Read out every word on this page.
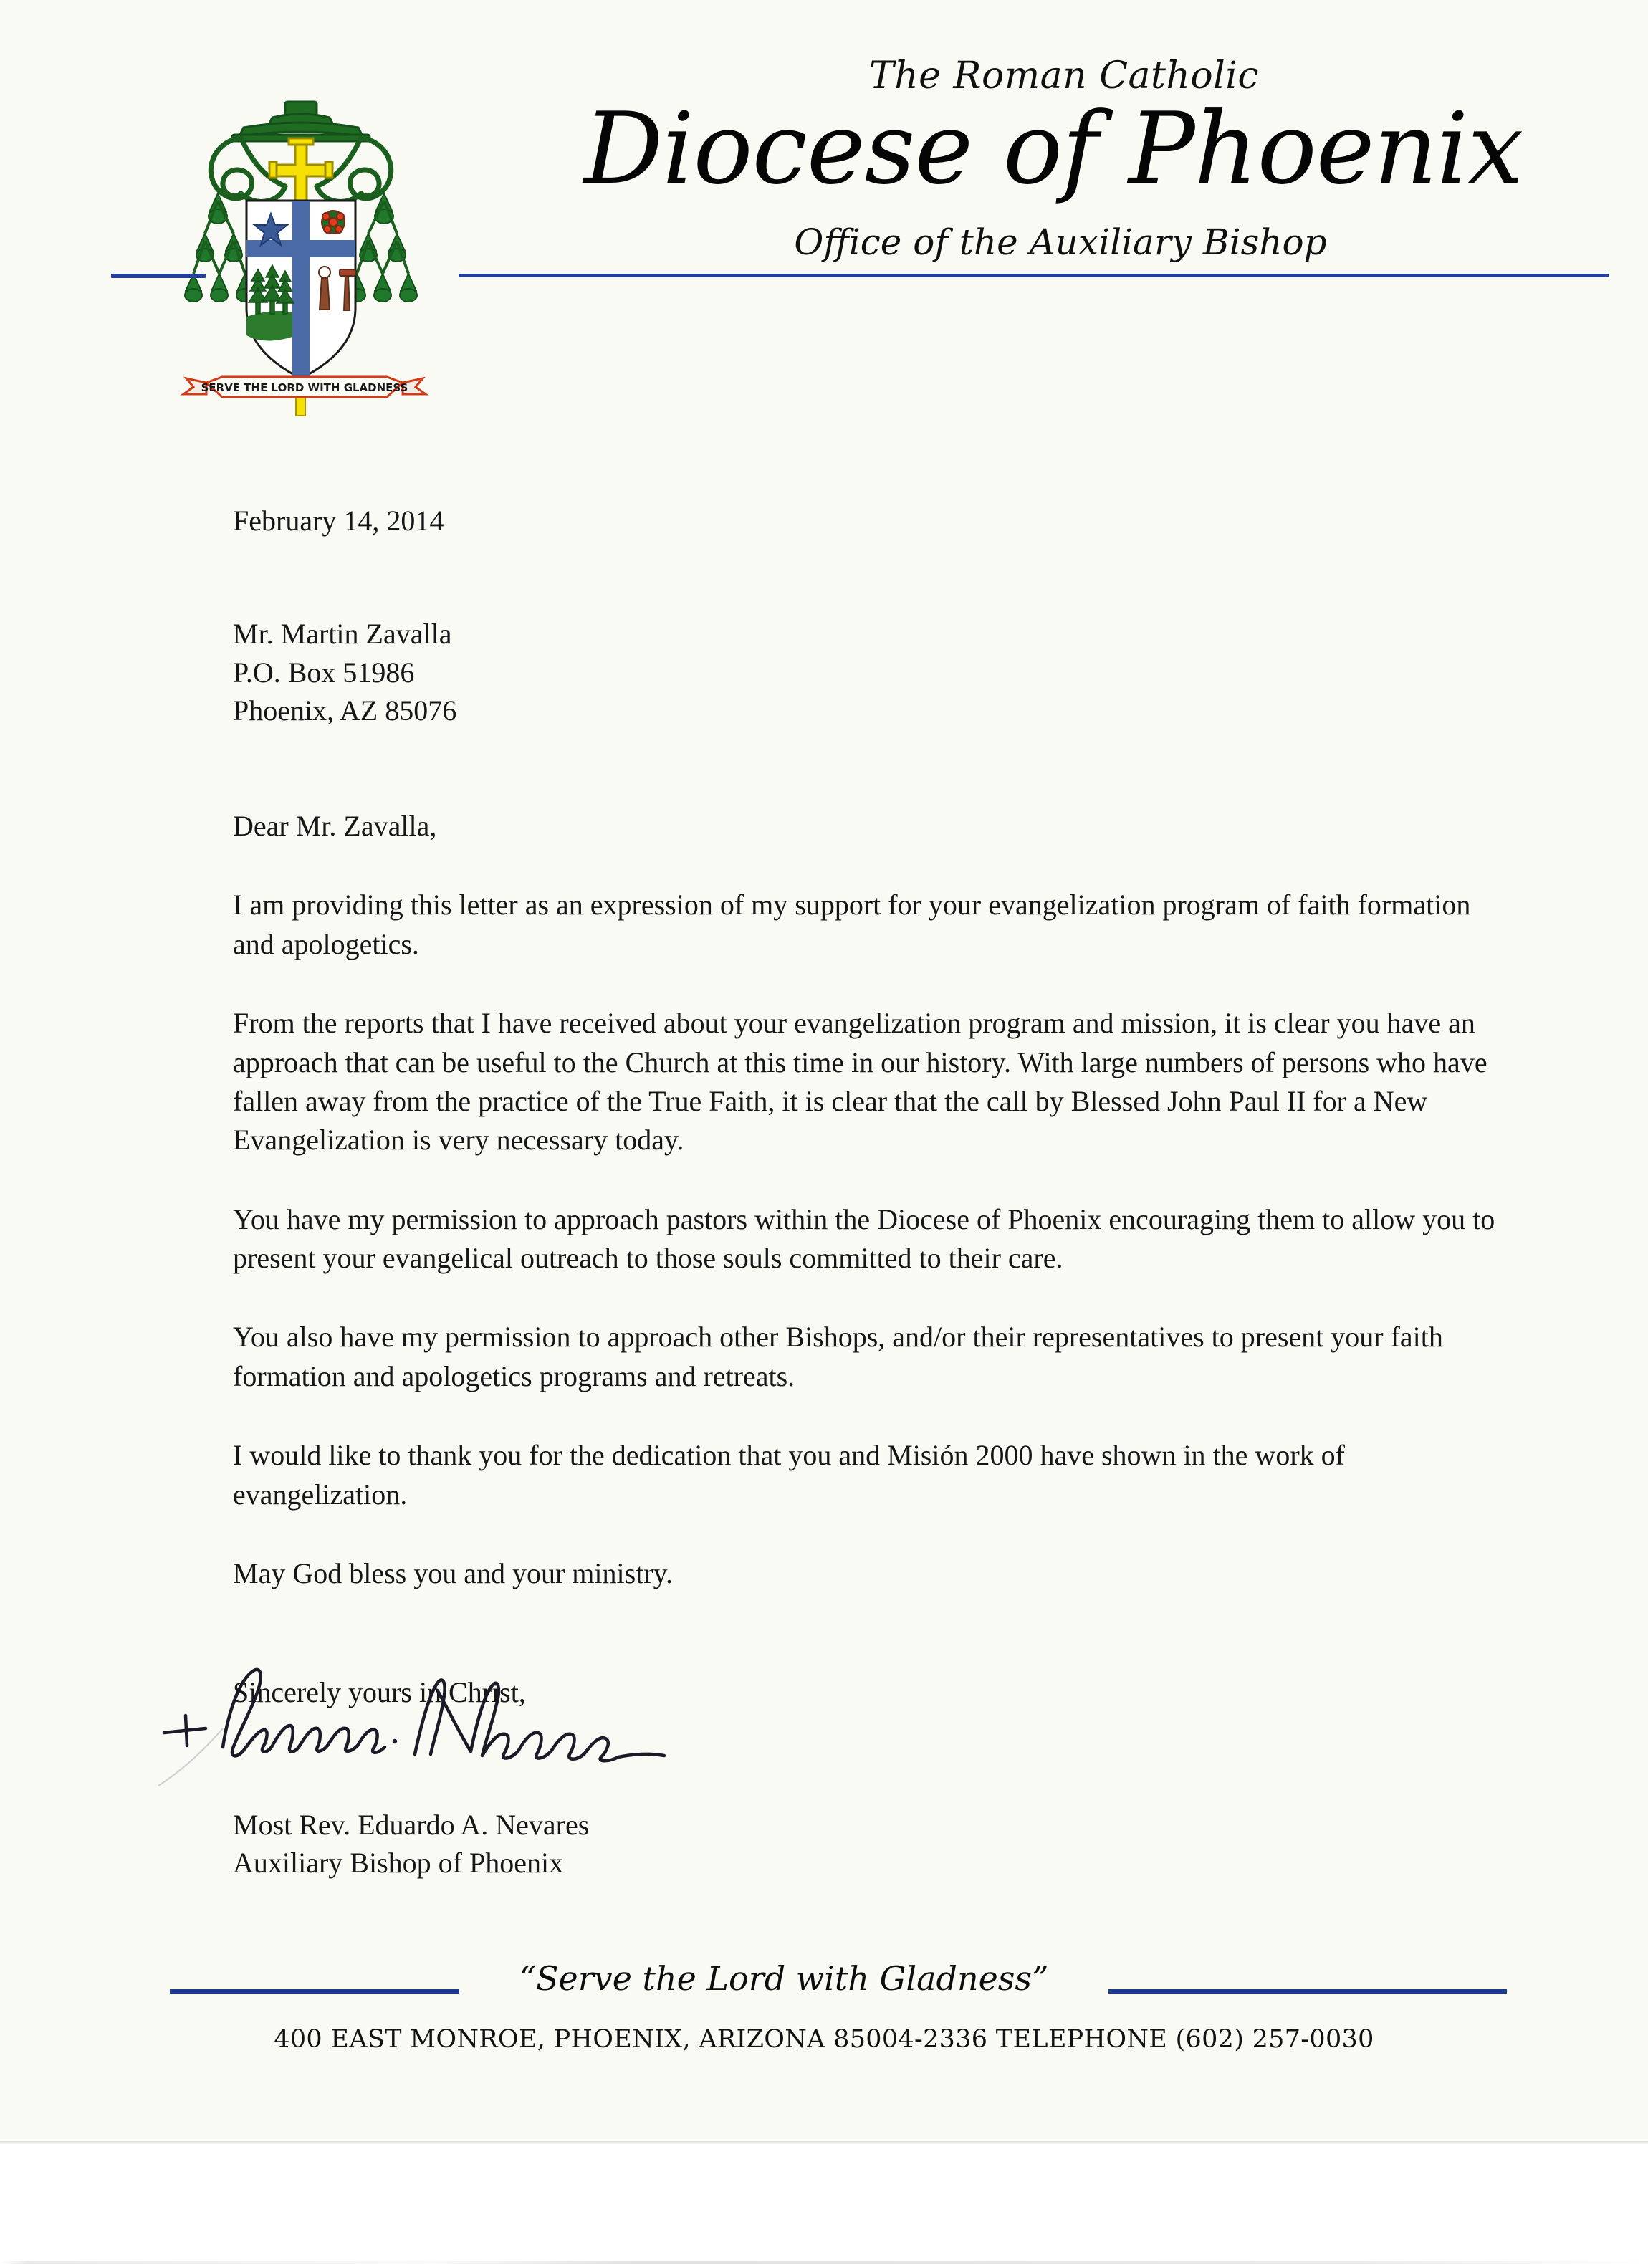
SERVE THE LORD WITH GLADNESS
The Roman Catholic
Diocese of Phoenix
Office of the Auxiliary Bishop
February 14, 2014
Mr. Martin Zavalla
P.O. Box 51986
Phoenix, AZ 85076
Dear Mr. Zavalla,

I am providing this letter as an expression of my support for your evangelization program of faith formation and apologetics.

From the reports that I have received about your evangelization program and mission, it is clear you have an approach that can be useful to the Church at this time in our history. With large numbers of persons who have fallen away from the practice of the True Faith, it is clear that the call by Blessed John Paul II for a New Evangelization is very necessary today.

You have my permission to approach pastors within the Diocese of Phoenix encouraging them to allow you to present your evangelical outreach to those souls committed to their care.

You also have my permission to approach other Bishops, and/or their representatives to present your faith formation and apologetics programs and retreats.

I would like to thank you for the dedication that you and Misión 2000 have shown in the work of evangelization.

May God bless you and your ministry.

Sincerely yours in Christ,
Most Rev. Eduardo A. Nevares
Auxiliary Bishop of Phoenix
“Serve the Lord with Gladness”
400 EAST MONROE, PHOENIX, ARIZONA 85004-2336 TELEPHONE (602) 257-0030
